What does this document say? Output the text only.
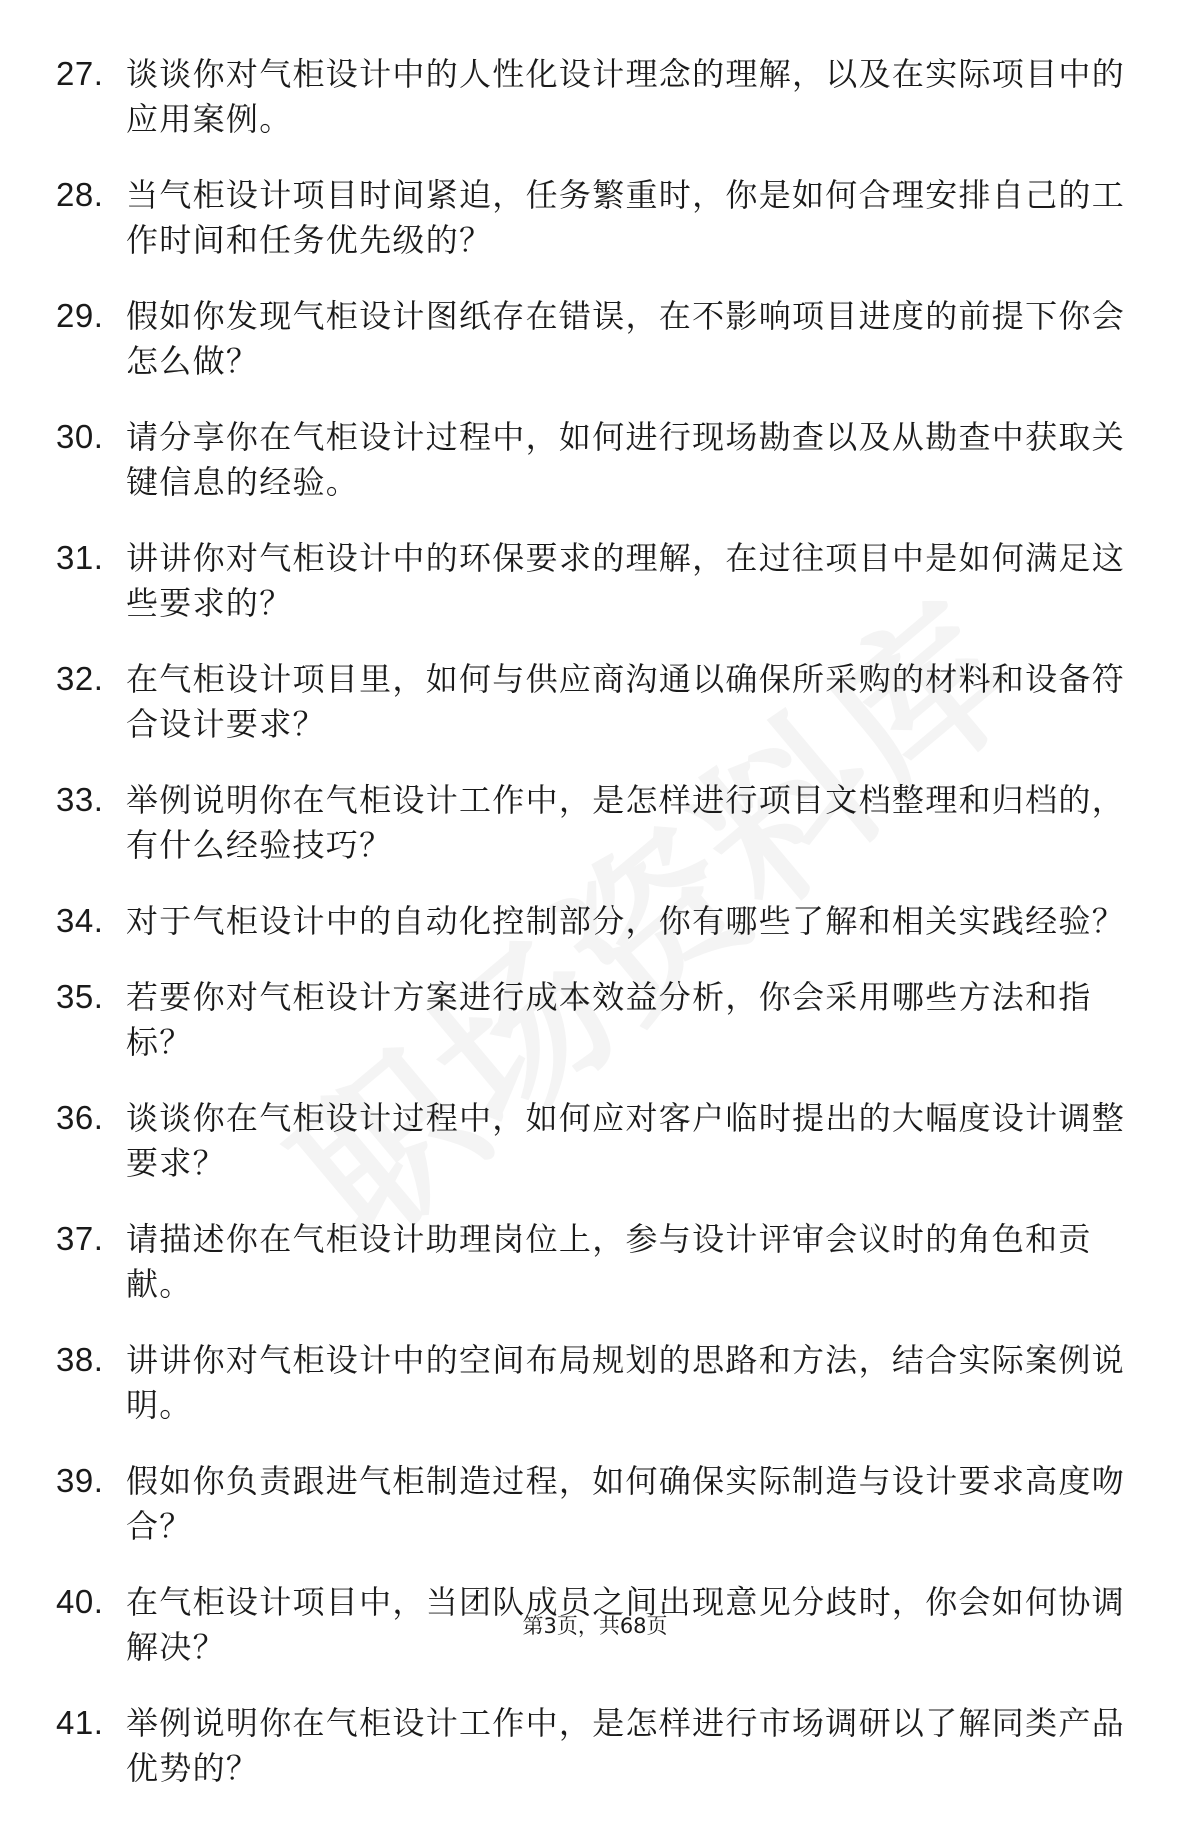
27. 谈谈你对气柜设计中的人性化设计理念的理解，以及在实际项目中的应用案例。
28. 当气柜设计项目时间紧迫，任务繁重时，你是如何合理安排自己的工作时间和任务优先级的？
29. 假如你发现气柜设计图纸存在错误，在不影响项目进度的前提下你会怎么做？
30. 请分享你在气柜设计过程中，如何进行现场勘查以及从勘查中获取关键信息的经验。
31. 讲讲你对气柜设计中的环保要求的理解，在过往项目中是如何满足这些要求的？
32. 在气柜设计项目里，如何与供应商沟通以确保所采购的材料和设备符合设计要求？
33. 举例说明你在气柜设计工作中，是怎样进行项目文档整理和归档的，有什么经验技巧？
34. 对于气柜设计中的自动化控制部分，你有哪些了解和相关实践经验？
35. 若要你对气柜设计方案进行成本效益分析，你会采用哪些方法和指标？
36. 谈谈你在气柜设计过程中，如何应对客户临时提出的大幅度设计调整要求？
37. 请描述你在气柜设计助理岗位上，参与设计评审会议时的角色和贡献。
38. 讲讲你对气柜设计中的空间布局规划的思路和方法，结合实际案例说明。
39. 假如你负责跟进气柜制造过程，如何确保实际制造与设计要求高度吻合？
40. 在气柜设计项目中，当团队成员之间出现意见分歧时，你会如何协调解决？
41. 举例说明你在气柜设计工作中，是怎样进行市场调研以了解同类产品优势的？
第3页，共68页
